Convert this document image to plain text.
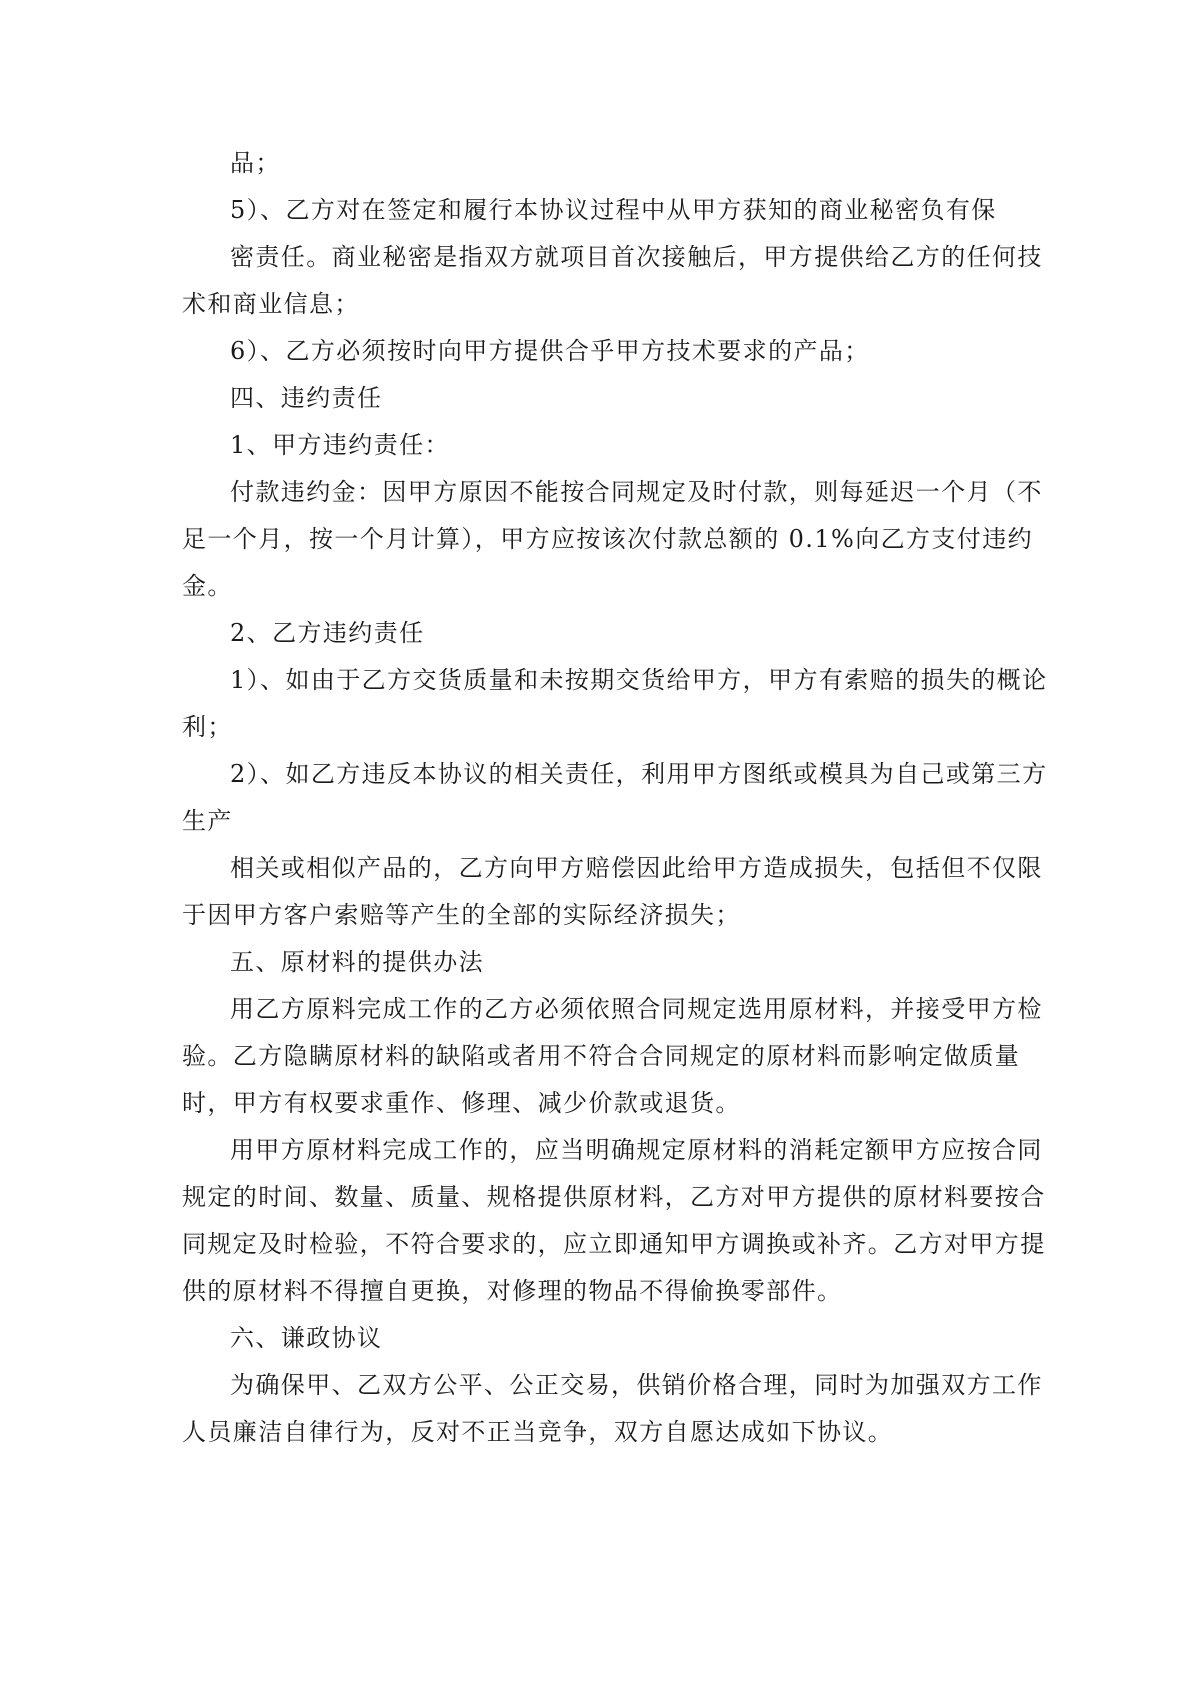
品；
5）、乙方对在签定和履行本协议过程中从甲方获知的商业秘密负有保
密责任。商业秘密是指双方就项目首次接触后，甲方提供给乙方的任何技
术和商业信息；
6）、乙方必须按时向甲方提供合乎甲方技术要求的产品；
四、违约责任
1、甲方违约责任：
付款违约金：因甲方原因不能按合同规定及时付款，则每延迟一个月（不
足一个月，按一个月计算），甲方应按该次付款总额的 0.1%向乙方支付违约
金。
2、乙方违约责任
1）、如由于乙方交货质量和未按期交货给甲方，甲方有索赔的损失的概论
利；
2）、如乙方违反本协议的相关责任，利用甲方图纸或模具为自己或第三方
生产
相关或相似产品的，乙方向甲方赔偿因此给甲方造成损失，包括但不仅限
于因甲方客户索赔等产生的全部的实际经济损失；
五、原材料的提供办法
用乙方原料完成工作的乙方必须依照合同规定选用原材料，并接受甲方检
验。乙方隐瞒原材料的缺陷或者用不符合合同规定的原材料而影响定做质量
时，甲方有权要求重作、修理、减少价款或退货。
用甲方原材料完成工作的，应当明确规定原材料的消耗定额甲方应按合同
规定的时间、数量、质量、规格提供原材料，乙方对甲方提供的原材料要按合
同规定及时检验，不符合要求的，应立即通知甲方调换或补齐。乙方对甲方提
供的原材料不得擅自更换，对修理的物品不得偷换零部件。
六、谦政协议
为确保甲、乙双方公平、公正交易，供销价格合理，同时为加强双方工作
人员廉洁自律行为，反对不正当竞争，双方自愿达成如下协议。
